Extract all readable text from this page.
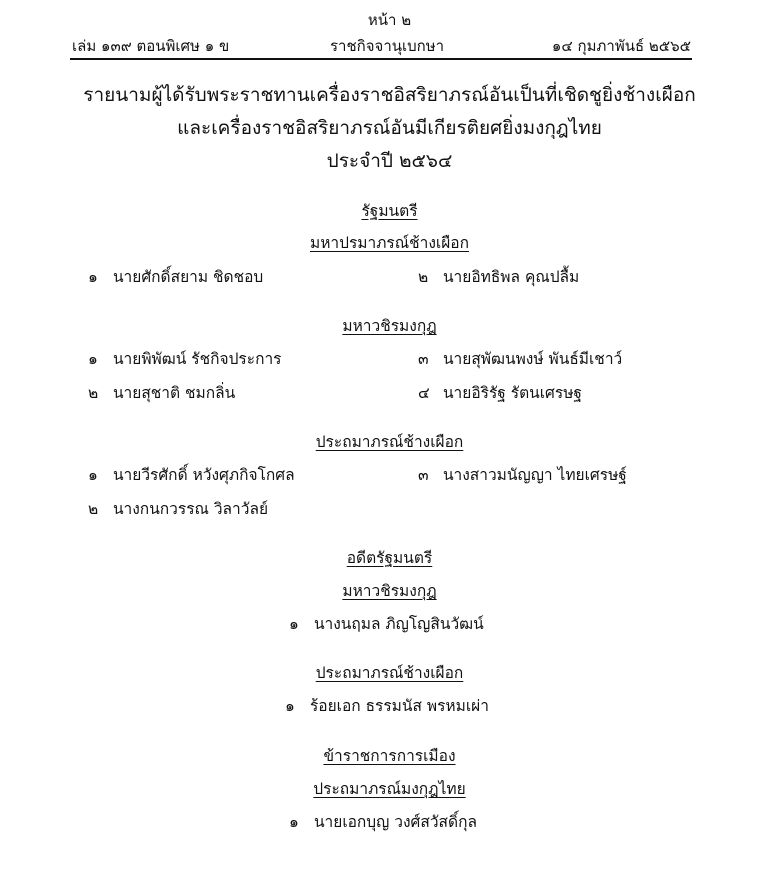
หน้า ๒
เล่ม ๑๓๙ ตอนพิเศษ ๑ ข	ราชกิจจานุเบกษา	๑๔ กุมภาพันธ์ ๒๕๖๕
รายนามผู้ได้รับพระราชทานเครื่องราชอิสริยาภรณ์อันเป็นที่เชิดชูยิ่งช้างเผือก
และเครื่องราชอิสริยาภรณ์อันมีเกียรติยศยิ่งมงกุฎไทย
ประจำปี ๒๕๖๔
รัฐมนตรี
มหาปรมาภรณ์ช้างเผือก
๑ นายศักดิ์สยาม ชิดชอบ	๒ นายอิทธิพล คุณปลื้ม
มหาวชิรมงกุฎ
๑ นายพิพัฒน์ รัชกิจประการ	๓ นายสุพัฒนพงษ์ พันธ์มีเชาว์
๒ นายสุชาติ ชมกลิ่น	๔ นายอิริรัฐ รัตนเศรษฐ
ประถมาภรณ์ช้างเผือก
๑ นายวีรศักดิ์ หวังศุภกิจโกศล	๓ นางสาวมนัญญา ไทยเศรษฐ์
๒ นางกนกวรรณ วิลาวัลย์
อดีตรัฐมนตรี
มหาวชิรมงกุฎ
๑ นางนฤมล ภิญโญสินวัฒน์
ประถมาภรณ์ช้างเผือก
๑ ร้อยเอก ธรรมนัส พรหมเผ่า
ข้าราชการการเมือง
ประถมาภรณ์มงกุฎไทย
๑ นายเอกบุญ วงศ์สวัสดิ์กุล
